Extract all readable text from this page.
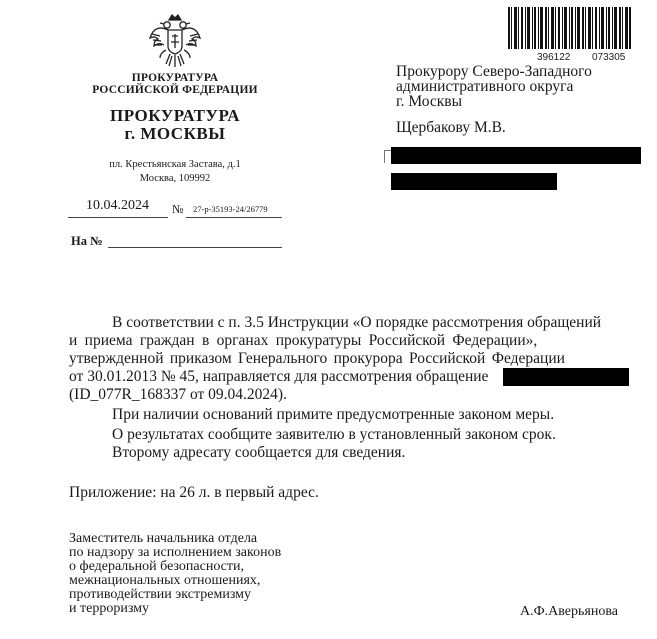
ПРОКУРАТУРА
РОССИЙСКОЙ ФЕДЕРАЦИИ
ПРОКУРАТУРА
г. МОСКВЫ
пл. Крестьянская Застава, д.1
Москва, 109992
10.04.2024 № 27-р-35193-24/26779
На №
396122 073305
Прокурору Северо-Западного
административного округа
г. Москвы
Щербакову М.В.
В соответствии с п. 3.5 Инструкции «О порядке рассмотрения обращений
и приема граждан в органах прокуратуры Российской Федерации»,
утвержденной приказом Генерального прокурора Российской Федерации
от 30.01.2013 № 45, направляется для рассмотрения обращение
(ID_077R_168337 от 09.04.2024).
При наличии оснований примите предусмотренные законом меры.
О результатах сообщите заявителю в установленный законом срок.
Второму адресату сообщается для сведения.
Приложение: на 26 л. в первый адрес.
Заместитель начальника отдела
по надзору за исполнением законов
о федеральной безопасности,
межнациональных отношениях,
противодействии экстремизму
и терроризму	А.Ф.Аверьянова
